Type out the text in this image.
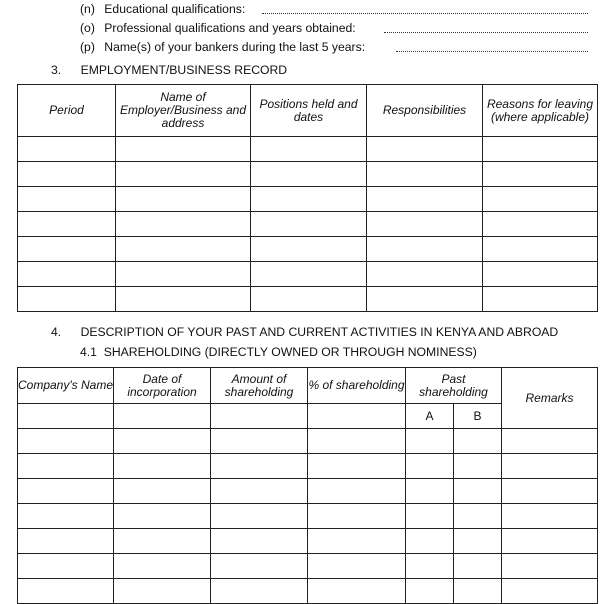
(n) Educational qualifications:
(o) Professional qualifications and years obtained:
(p) Name(s) of your bankers during the last 5 years:
3. EMPLOYMENT/BUSINESS RECORD
Period	Name of Employer/Business and address	Positions held and dates	Responsibilities	Reasons for leaving (where applicable)

4. DESCRIPTION OF YOUR PAST AND CURRENT ACTIVITIES IN KENYA AND ABROAD
4.1  SHAREHOLDING (DIRECTLY OWNED OR THROUGH NOMINESS)
Company's Name	Date of incorporation	Amount of shareholding	% of shareholding	Past shareholding		Remarks
				A	B	
